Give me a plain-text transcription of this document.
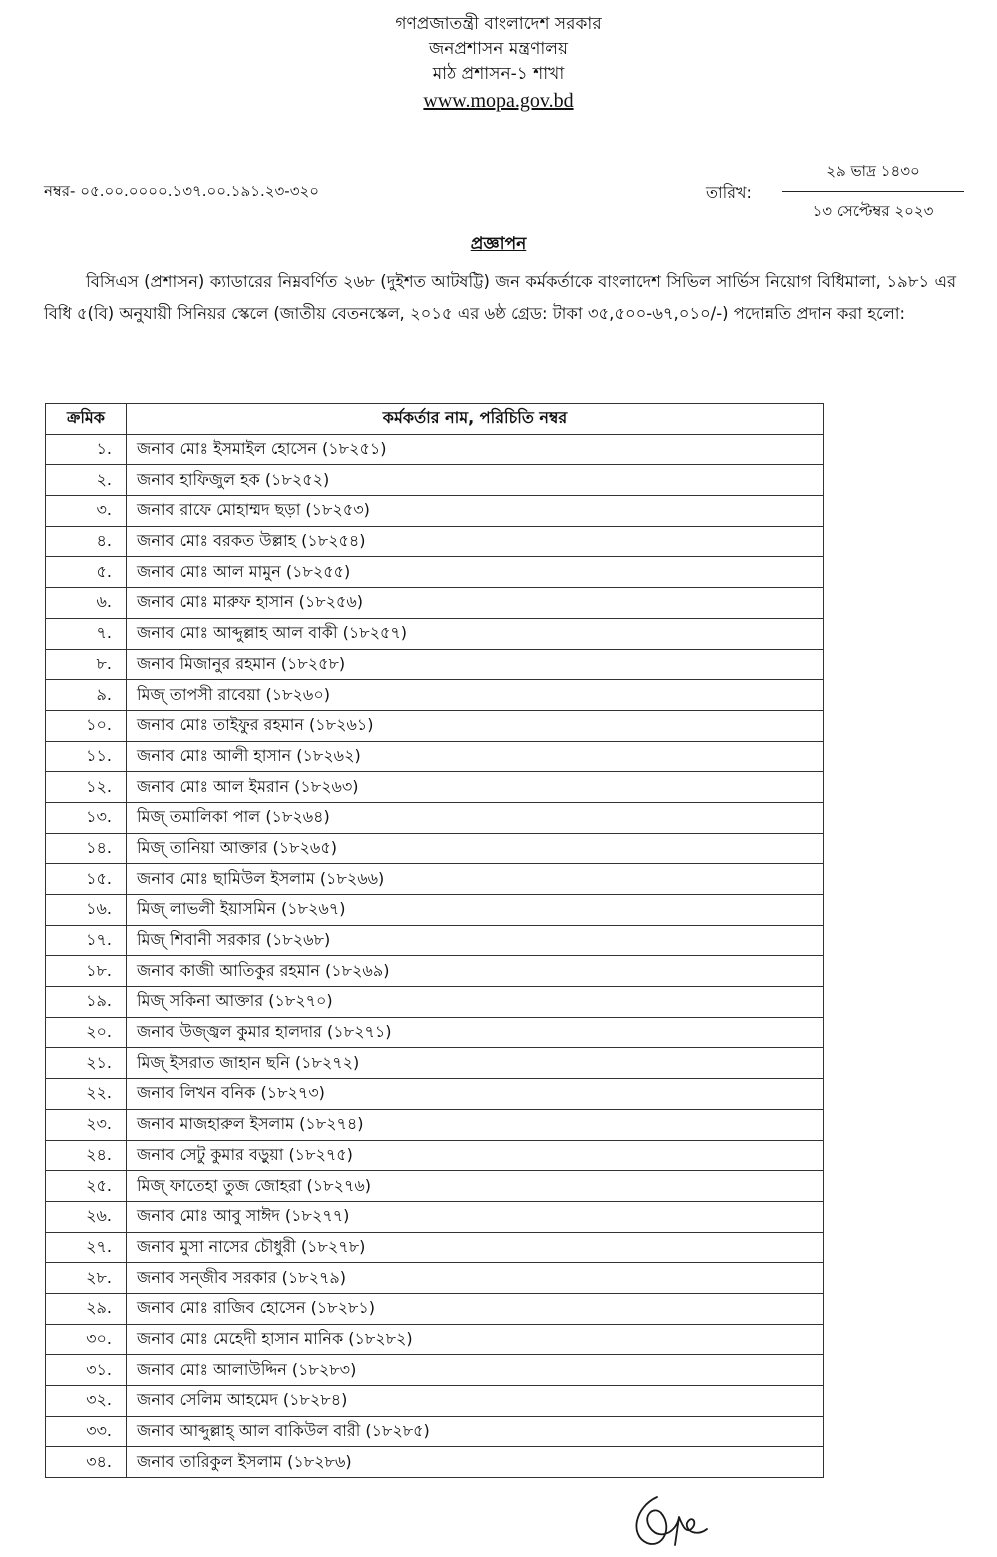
গণপ্রজাতন্ত্রী বাংলাদেশ সরকার
জনপ্রশাসন মন্ত্রণালয়
মাঠ প্রশাসন-১ শাখা
www.mopa.gov.bd
নম্বর- ০৫.০০.০০০০.১৩৭.০০.১৯১.২৩-৩২০	তারিখ:
২৯ ভাদ্র ১৪৩০
১৩ সেপ্টেম্বর ২০২৩
প্রজ্ঞাপন
বিসিএস (প্রশাসন) ক্যাডারের নিম্নবর্ণিত ২৬৮ (দুইশত আটষট্টি) জন কর্মকর্তাকে বাংলাদেশ সিভিল সার্ভিস নিয়োগ বিধিমালা, ১৯৮১ এর বিধি ৫(বি) অনুযায়ী সিনিয়র স্কেলে (জাতীয় বেতনস্কেল, ২০১৫ এর ৬ষ্ঠ গ্রেড: টাকা ৩৫,৫০০-৬৭,০১০/-) পদোন্নতি প্রদান করা হলো:
ক্রমিক	কর্মকর্তার নাম, পরিচিতি নম্বর
১.	জনাব মোঃ ইসমাইল হোসেন (১৮২৫১)
২.	জনাব হাফিজুল হক (১৮২৫২)
৩.	জনাব রাফে মোহাম্মদ ছড়া (১৮২৫৩)
৪.	জনাব মোঃ বরকত উল্লাহ (১৮২৫৪)
৫.	জনাব মোঃ আল মামুন (১৮২৫৫)
৬.	জনাব মোঃ মারুফ হাসান (১৮২৫৬)
৭.	জনাব মোঃ আব্দুল্লাহ আল বাকী (১৮২৫৭)
৮.	জনাব মিজানুর রহমান (১৮২৫৮)
৯.	মিজ্ তাপসী রাবেয়া (১৮২৬০)
১০.	জনাব মোঃ তাইফুর রহমান (১৮২৬১)
১১.	জনাব মোঃ আলী হাসান (১৮২৬২)
১২.	জনাব মোঃ আল ইমরান (১৮২৬৩)
১৩.	মিজ্ তমালিকা পাল (১৮২৬৪)
১৪.	মিজ্ তানিয়া আক্তার (১৮২৬৫)
১৫.	জনাব মোঃ ছামিউল ইসলাম (১৮২৬৬)
১৬.	মিজ্ লাভলী ইয়াসমিন (১৮২৬৭)
১৭.	মিজ্ শিবানী সরকার (১৮২৬৮)
১৮.	জনাব কাজী আতিকুর রহমান (১৮২৬৯)
১৯.	মিজ্ সকিনা আক্তার (১৮২৭০)
২০.	জনাব উজ্জ্বল কুমার হালদার (১৮২৭১)
২১.	মিজ্ ইসরাত জাহান ছনি (১৮২৭২)
২২.	জনাব লিখন বনিক (১৮২৭৩)
২৩.	জনাব মাজহারুল ইসলাম (১৮২৭৪)
২৪.	জনাব সেটু কুমার বড়ুয়া (১৮২৭৫)
২৫.	মিজ্ ফাতেহা তুজ জোহরা (১৮২৭৬)
২৬.	জনাব মোঃ আবু সাঈদ (১৮২৭৭)
২৭.	জনাব মুসা নাসের চৌধুরী (১৮২৭৮)
২৮.	জনাব সন্জীব সরকার (১৮২৭৯)
২৯.	জনাব মোঃ রাজিব হোসেন (১৮২৮১)
৩০.	জনাব মোঃ মেহেদী হাসান মানিক (১৮২৮২)
৩১.	জনাব মোঃ আলাউদ্দিন (১৮২৮৩)
৩২.	জনাব সেলিম আহমেদ (১৮২৮৪)
৩৩.	জনাব আব্দুল্লাহ্ আল বাকিউল বারী (১৮২৮৫)
৩৪.	জনাব তারিকুল ইসলাম (১৮২৮৬)
